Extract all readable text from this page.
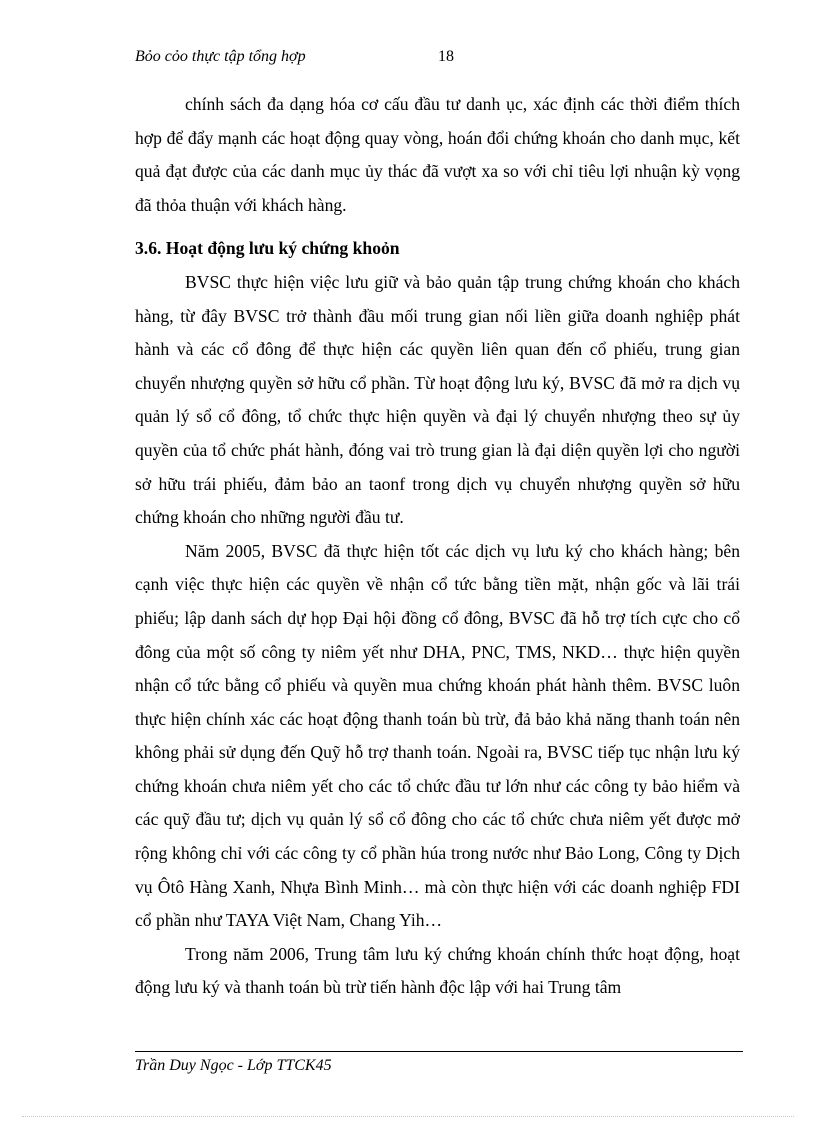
Bỏo cỏo thực tập tổng hợp	18

chính sách đa dạng hóa cơ cấu đầu tư danh ục, xác định các thời điểm thích hợp để đẩy mạnh các hoạt động quay vòng, hoán đổi chứng khoán cho danh mục, kết quả đạt được của các danh mục ủy thác đã vượt xa so với chỉ tiêu lợi nhuận kỳ vọng đã thỏa thuận với khách hàng.

3.6. Hoạt động lưu ký chứng khoỏn

BVSC thực hiện việc lưu giữ và bảo quản tập trung chứng khoán cho khách hàng, từ đây BVSC trở thành đầu mối trung gian nối liền giữa doanh nghiệp phát hành và các cổ đông để thực hiện các quyền liên quan đến cổ phiếu, trung gian chuyển nhượng quyền sở hữu cổ phần. Từ hoạt động lưu ký, BVSC đã mở ra dịch vụ quản lý sổ cổ đông, tổ chức thực hiện quyền và đại lý chuyển nhượng theo sự ủy quyền của tổ chức phát hành, đóng vai trò trung gian là đại diện quyền lợi cho người sở hữu trái phiếu, đảm bảo an taonf trong dịch vụ chuyển nhượng quyền sở hữu chứng khoán cho những người đầu tư.

Năm 2005, BVSC đã thực hiện tốt các dịch vụ lưu ký cho khách hàng; bên cạnh việc thực hiện các quyền về nhận cổ tức bằng tiền mặt, nhận gốc và lãi trái phiếu; lập danh sách dự họp Đại hội đồng cổ đông, BVSC đã hỗ trợ tích cực cho cổ đông của một số công ty niêm yết như DHA, PNC, TMS, NKD… thực hiện quyền nhận cổ tức bằng cổ phiếu và quyền mua chứng khoán phát hành thêm. BVSC luôn thực hiện chính xác các hoạt động thanh toán bù trừ, đả bảo khả năng thanh toán nên không phải sử dụng đến Quỹ hỗ trợ thanh toán. Ngoài ra, BVSC tiếp tục nhận lưu ký chứng khoán chưa niêm yết cho các tổ chức đầu tư lớn như các công ty bảo hiểm và các quỹ đầu tư; dịch vụ quản lý sổ cổ đông cho các tổ chức chưa niêm yết được mở rộng không chỉ với các công ty cổ phần húa trong nước như Bảo Long, Công ty Dịch vụ Ôtô Hàng Xanh, Nhựa Bình Minh… mà còn thực hiện với các doanh nghiệp FDI cổ phần như TAYA Việt Nam, Chang Yih…

Trong năm 2006, Trung tâm lưu ký chứng khoán chính thức hoạt động, hoạt động lưu ký và thanh toán bù trừ tiến hành độc lập với hai Trung tâm

Trần Duy Ngọc - Lớp TTCK45
